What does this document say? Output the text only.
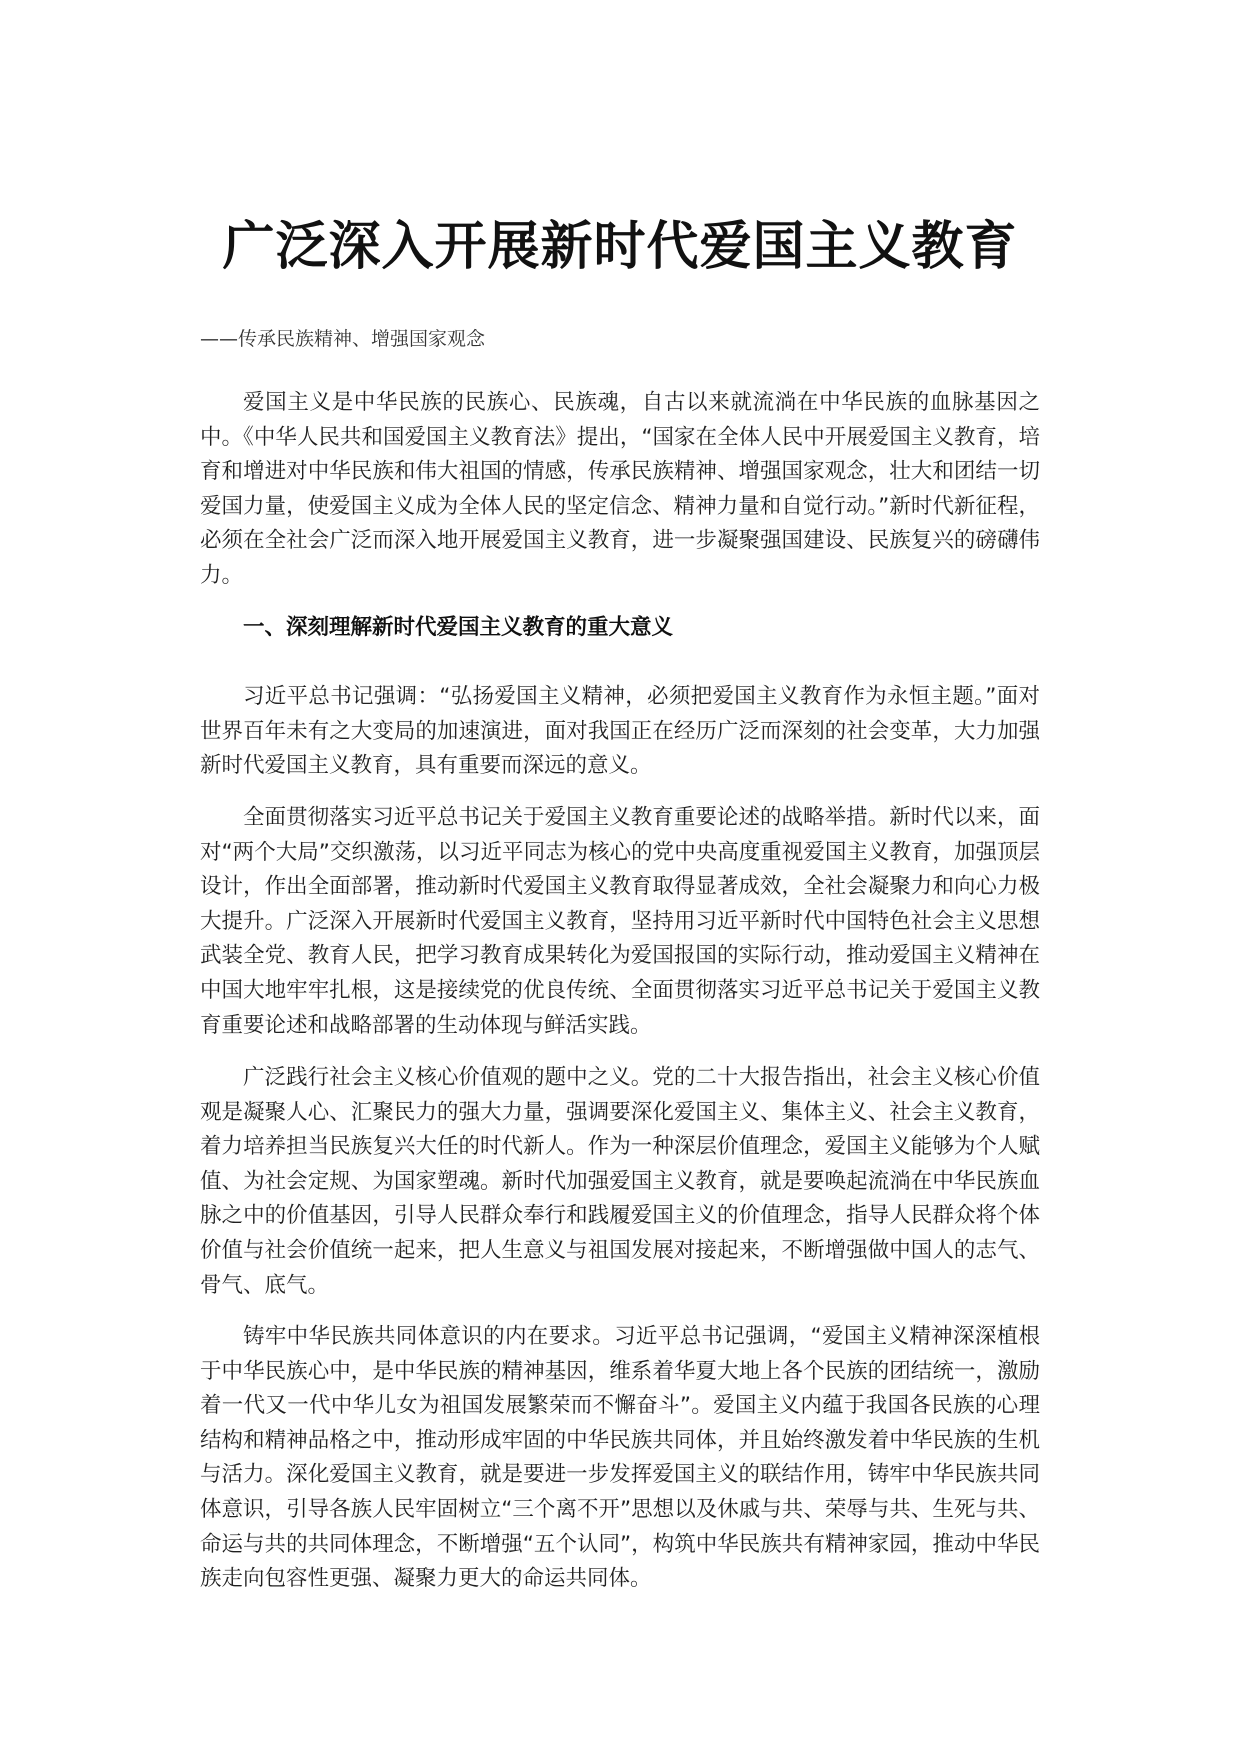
广泛深入开展新时代爱国主义教育

——传承民族精神、增强国家观念

爱国主义是中华民族的民族心、民族魂，自古以来就流淌在中华民族的血脉基因之中。《中华人民共和国爱国主义教育法》提出，“国家在全体人民中开展爱国主义教育，培育和增进对中华民族和伟大祖国的情感，传承民族精神、增强国家观念，壮大和团结一切爱国力量，使爱国主义成为全体人民的坚定信念、精神力量和自觉行动。”新时代新征程，必须在全社会广泛而深入地开展爱国主义教育，进一步凝聚强国建设、民族复兴的磅礴伟力。

一、深刻理解新时代爱国主义教育的重大意义

习近平总书记强调：“弘扬爱国主义精神，必须把爱国主义教育作为永恒主题。”面对世界百年未有之大变局的加速演进，面对我国正在经历广泛而深刻的社会变革，大力加强新时代爱国主义教育，具有重要而深远的意义。

全面贯彻落实习近平总书记关于爱国主义教育重要论述的战略举措。新时代以来，面对“两个大局”交织激荡，以习近平同志为核心的党中央高度重视爱国主义教育，加强顶层设计，作出全面部署，推动新时代爱国主义教育取得显著成效，全社会凝聚力和向心力极大提升。广泛深入开展新时代爱国主义教育，坚持用习近平新时代中国特色社会主义思想武装全党、教育人民，把学习教育成果转化为爱国报国的实际行动，推动爱国主义精神在中国大地牢牢扎根，这是接续党的优良传统、全面贯彻落实习近平总书记关于爱国主义教育重要论述和战略部署的生动体现与鲜活实践。

广泛践行社会主义核心价值观的题中之义。党的二十大报告指出，社会主义核心价值观是凝聚人心、汇聚民力的强大力量，强调要深化爱国主义、集体主义、社会主义教育，着力培养担当民族复兴大任的时代新人。作为一种深层价值理念，爱国主义能够为个人赋值、为社会定规、为国家塑魂。新时代加强爱国主义教育，就是要唤起流淌在中华民族血脉之中的价值基因，引导人民群众奉行和践履爱国主义的价值理念，指导人民群众将个体价值与社会价值统一起来，把人生意义与祖国发展对接起来，不断增强做中国人的志气、骨气、底气。

铸牢中华民族共同体意识的内在要求。习近平总书记强调，“爱国主义精神深深植根于中华民族心中，是中华民族的精神基因，维系着华夏大地上各个民族的团结统一，激励着一代又一代中华儿女为祖国发展繁荣而不懈奋斗”。爱国主义内蕴于我国各民族的心理结构和精神品格之中，推动形成牢固的中华民族共同体，并且始终激发着中华民族的生机与活力。深化爱国主义教育，就是要进一步发挥爱国主义的联结作用，铸牢中华民族共同体意识，引导各族人民牢固树立“三个离不开”思想以及休戚与共、荣辱与共、生死与共、命运与共的共同体理念，不断增强“五个认同”，构筑中华民族共有精神家园，推动中华民族走向包容性更强、凝聚力更大的命运共同体。
